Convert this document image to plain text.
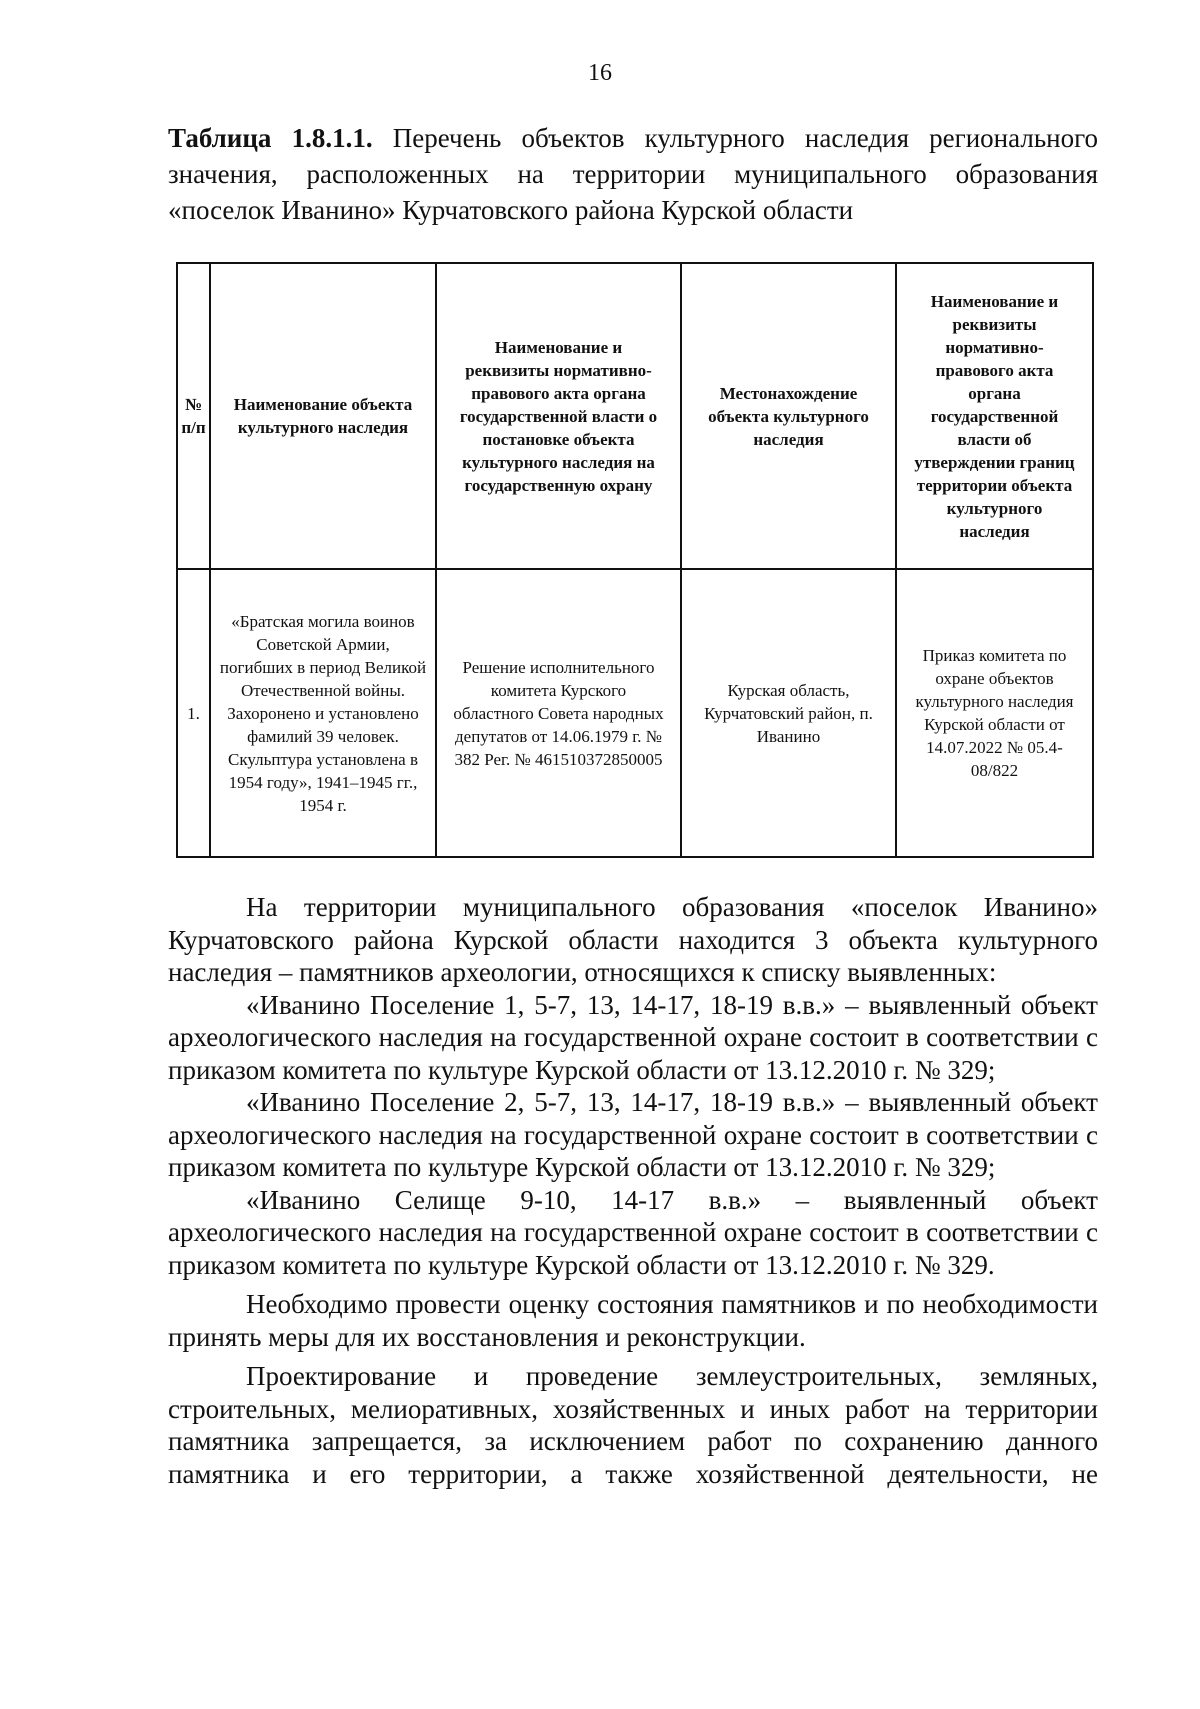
16
Таблица 1.8.1.1. Перечень объектов культурного наследия регионального значения, расположенных на территории муниципального образования «поселок Иванино» Курчатовского района Курской области
№ п/п	Наименование объекта культурного наследия	Наименование и реквизиты нормативно-правового акта органа государственной власти о постановке объекта культурного наследия на государственную охрану	Местонахождение объекта культурного наследия	Наименование и реквизиты нормативно-правового акта органа государственной власти об утверждении границ территории объекта культурного наследия
1.	«Братская могила воинов Советской Армии, погибших в период Великой Отечественной войны. Захоронено и установлено фамилий 39 человек. Скульптура установлена в 1954 году», 1941–1945 гг., 1954 г.	Решение исполнительного комитета Курского областного Совета народных депутатов от 14.06.1979 г. № 382 Рег. № 461510372850005	Курская область, Курчатовский район, п. Иванино	Приказ комитета по охране объектов культурного наследия Курской области от 14.07.2022 № 05.4-08/822

На территории муниципального образования «поселок Иванино» Курчатовского района Курской области находится 3 объекта культурного наследия – памятников археологии, относящихся к списку выявленных:

«Иванино Поселение 1, 5-7, 13, 14-17, 18-19 в.в.» – выявленный объект археологического наследия на государственной охране состоит в соответствии с приказом комитета по культуре Курской области от 13.12.2010 г. № 329;

«Иванино Поселение 2, 5-7, 13, 14-17, 18-19 в.в.» – выявленный объект археологического наследия на государственной охране состоит в соответствии с приказом комитета по культуре Курской области от 13.12.2010 г. № 329;

«Иванино Селище 9-10, 14-17 в.в.» – выявленный объект археологического наследия на государственной охране состоит в соответствии с приказом комитета по культуре Курской области от 13.12.2010 г. № 329.

Необходимо провести оценку состояния памятников и по необходимости принять меры для их восстановления и реконструкции.

Проектирование и проведение землеустроительных, земляных, строительных, мелиоративных, хозяйственных и иных работ на территории памятника запрещается, за исключением работ по сохранению данного памятника и его территории, а также хозяйственной деятельности, не
